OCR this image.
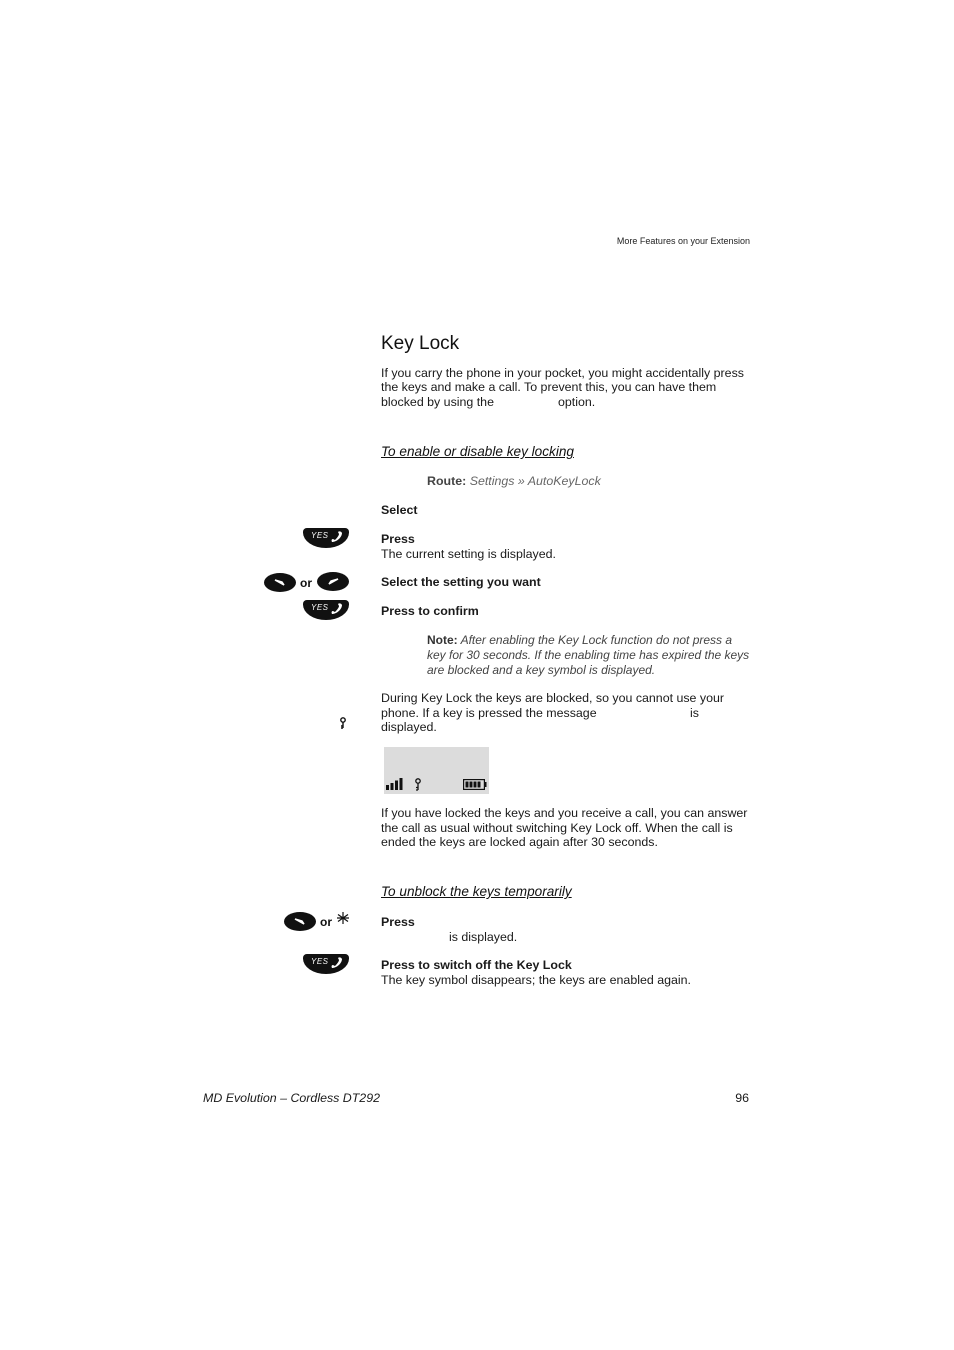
More Features on your Extension
Key Lock
If you carry the phone in your pocket, you might accidentally press
the keys and make a call. To prevent this, you can have them
blocked by using the	option.
To enable or disable key locking
Route: Settings » AutoKeyLock
Select
YES	Press
The current setting is displayed.
or	Select the setting you want
YES	Press to confirm
Note: After enabling the Key Lock function do not press a
key for 30 seconds. If the enabling time has expired the keys
are blocked and a key symbol is displayed.
During Key Lock the keys are blocked, so you cannot use your
phone. If a key is pressed the message	is
displayed.
If you have locked the keys and you receive a call, you can answer
the call as usual without switching Key Lock off. When the call is
ended the keys are locked again after 30 seconds.
To unblock the keys temporarily
or	Press
is displayed.
YES	Press to switch off the Key Lock
The key symbol disappears; the keys are enabled again.
MD Evolution – Cordless DT292	96
